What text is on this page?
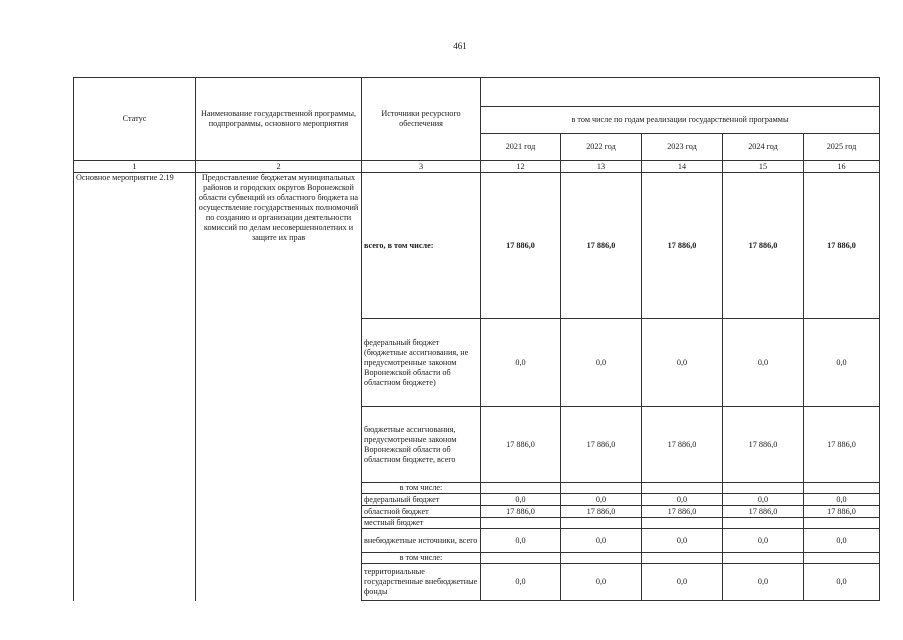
461
Статус	Наименование государственной программы, подпрограммы, основного мероприятия	Источники ресурсного обеспечения					
			в том числе по годам реализации государственной программы				
			2021 год	2022 год	2023 год	2024 год	2025 год
1	2	3	12	13	14	15	16
Основное мероприятие 2.19	Предоставление бюджетам муниципальных районов и городских округов Воронежской области субвенций из областного бюджета на осуществление государственных полномочий по созданию и организации деятельности комиссий по делам несовершеннолетних и защите их прав	всего, в том числе:	17 886,0	17 886,0	17 886,0	17 886,0	17 886,0
		федеральный бюджет (бюджетные ассигнования, не предусмотренные законом Воронежской области об областном бюджете)	0,0	0,0	0,0	0,0	0,0
		бюджетные ассигнования, предусмотренные законом Воронежской области об областном бюджете, всего	17 886,0	17 886,0	17 886,0	17 886,0	17 886,0
		в том числе:					
		федеральный бюджет	0,0	0,0	0,0	0,0	0,0
		областной бюджет	17 886,0	17 886,0	17 886,0	17 886,0	17 886,0
		местный бюджет					
		внебюджетные источники, всего	0,0	0,0	0,0	0,0	0,0
		в том числе:					
		территориальные государственные внебюджетные фонды	0,0	0,0	0,0	0,0	0,0
